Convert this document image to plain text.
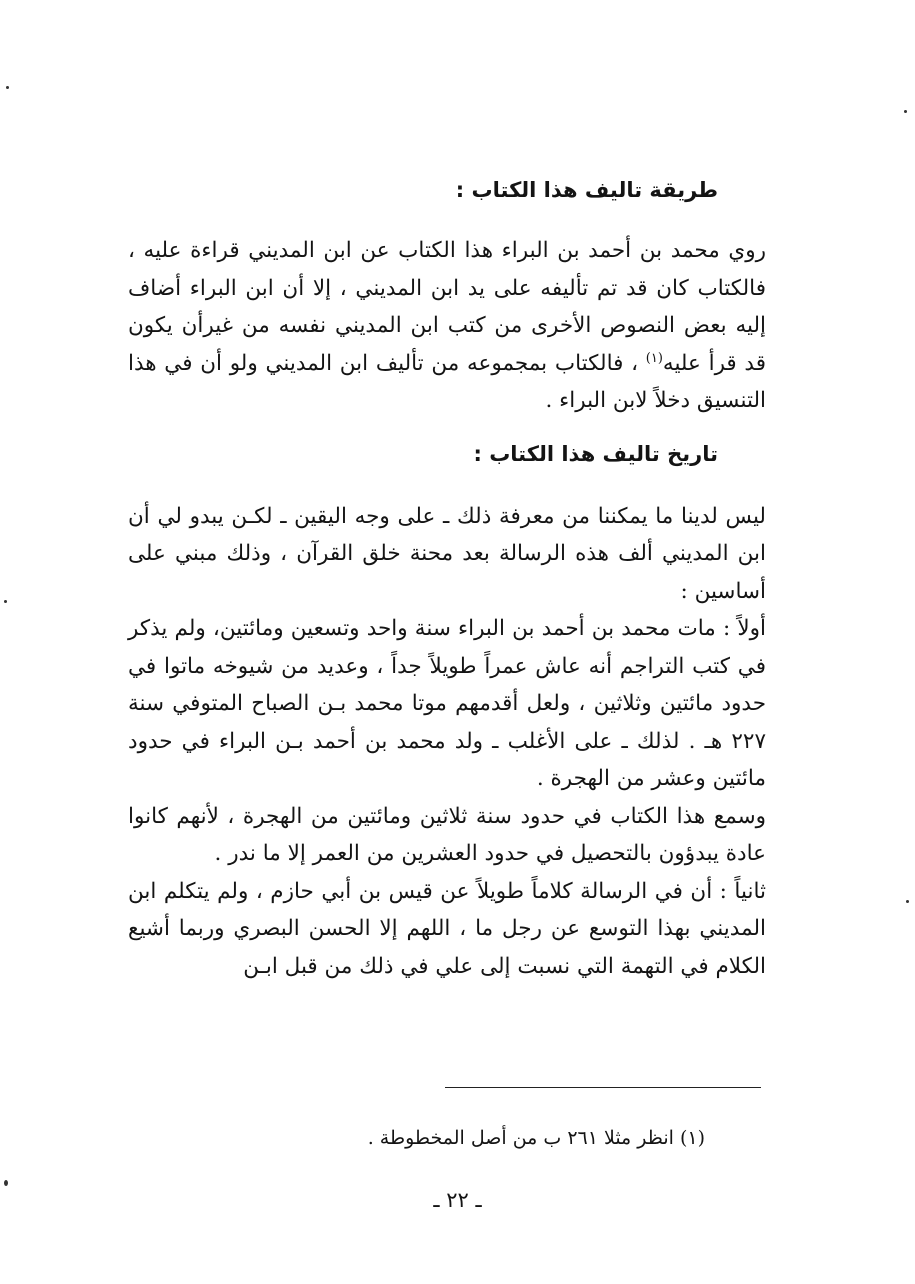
طريقة تاليف هذا الكتاب :

روي محمد بن أحمد بن البراء هذا الكتاب عن ابن المديني قراءة عليه ، فالكتاب كان قد تم تأليفه على يد ابن المديني ، إلا أن ابن البراء أضاف إليه بعض النصوص الأخرى من كتب ابن المديني نفسه من غيرأن يكون قد قرأ عليه$^{(١)}$ ، فالكتاب بمجموعه من تأليف ابن المديني ولو أن في هذا التنسيق دخلاً لابن البراء .

تاريخ تاليف هذا الكتاب :

ليس لدينا ما يمكننا من معرفة ذلك ـ على وجه اليقين ـ لكـن يبدو لي أن ابن المديني ألف هذه الرسالة بعد محنة خلق القرآن ، وذلك مبني على أساسين :

أولاً : مات محمد بن أحمد بن البراء سنة واحد وتسعين ومائتين، ولم يذكر في كتب التراجم أنه عاش عمراً طويلاً جداً ، وعديد من شيوخه ماتوا في حدود مائتين وثلاثين ، ولعل أقدمهم موتا محمد بـن الصباح المتوفي سنة ٢٢٧ هـ . لذلك ـ على الأغلب ـ ولد محمد بن أحمد بـن البراء في حدود مائتين وعشر من الهجرة .

وسمع هذا الكتاب في حدود سنة ثلاثين ومائتين من الهجرة ، لأنهم كانوا عادة يبدؤون بالتحصيل في حدود العشرين من العمر إلا ما ندر .

ثانياً : أن في الرسالة كلاماً طويلاً عن قيس بن أبي حازم ، ولم يتكلم ابن المديني بهذا التوسع عن رجل ما ، اللهم إلا الحسن البصري وربما أشيع الكلام في التهمة التي نسبت إلى علي في ذلك من قبل ابـن

(١) انظر مثلا ٢٦١ ب من أصل المخطوطة .

ـ ٢٢ ـ
